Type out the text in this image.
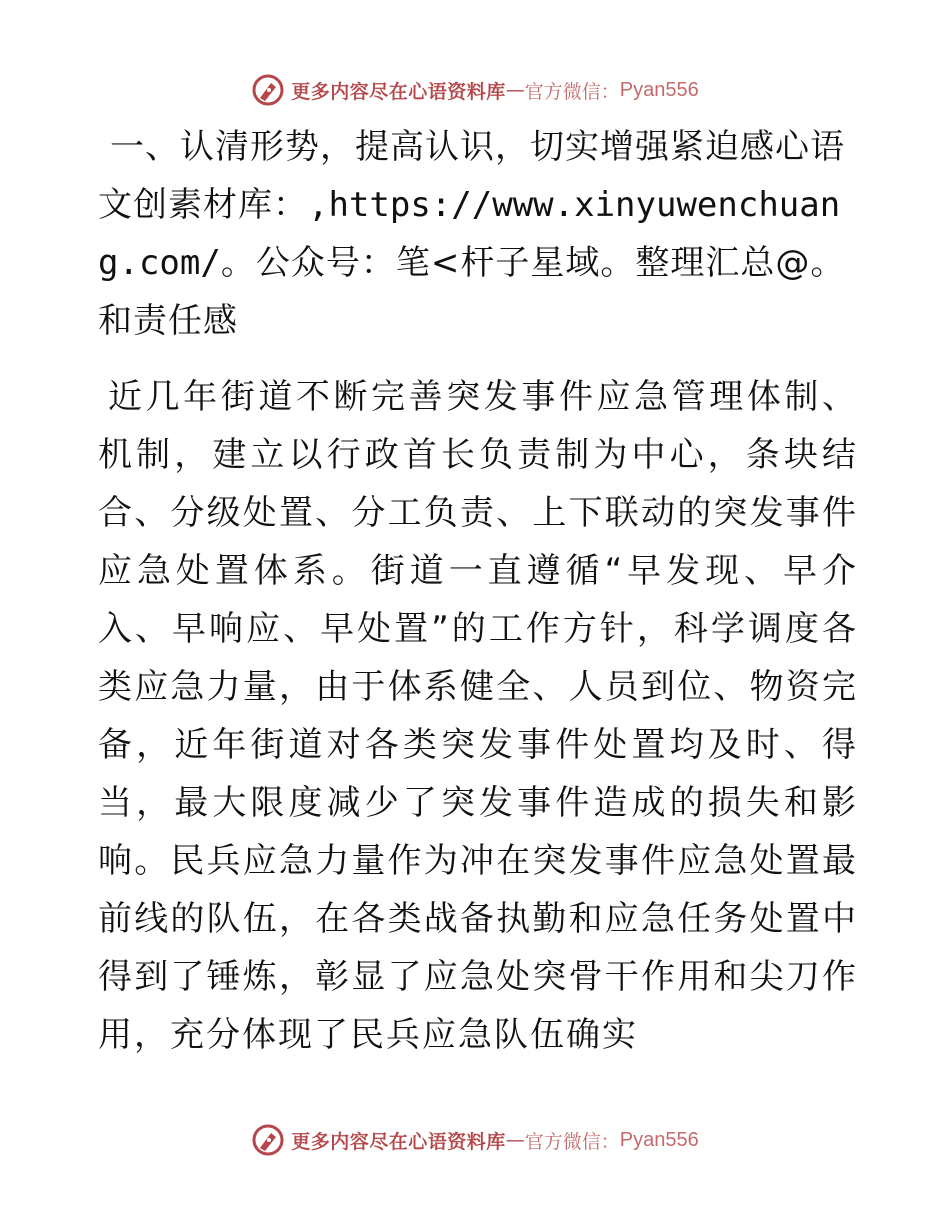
更多内容尽在心语资料库 — 官方微信： Pyan556

一、认清形势，提高认识，切实增强紧迫感心语文创素材库：,https://www.xinyuwenchuang.com/。公众号：笔<杆子星域。整理汇总@。和责任感

近几年街道不断完善突发事件应急管理体制、机制，建立以行政首长负责制为中心，条块结合、分级处置、分工负责、上下联动的突发事件应急处置体系。街道一直遵循“早发现、早介入、早响应、早处置”的工作方针，科学调度各类应急力量，由于体系健全、人员到位、物资完备，近年街道对各类突发事件处置均及时、得当，最大限度减少了突发事件造成的损失和影响。民兵应急力量作为冲在突发事件应急处置最前线的队伍，在各类战备执勤和应急任务处置中得到了锤炼，彰显了应急处突骨干作用和尖刀作用，充分体现了民兵应急队伍确实

更多内容尽在心语资料库 — 官方微信： Pyan556
